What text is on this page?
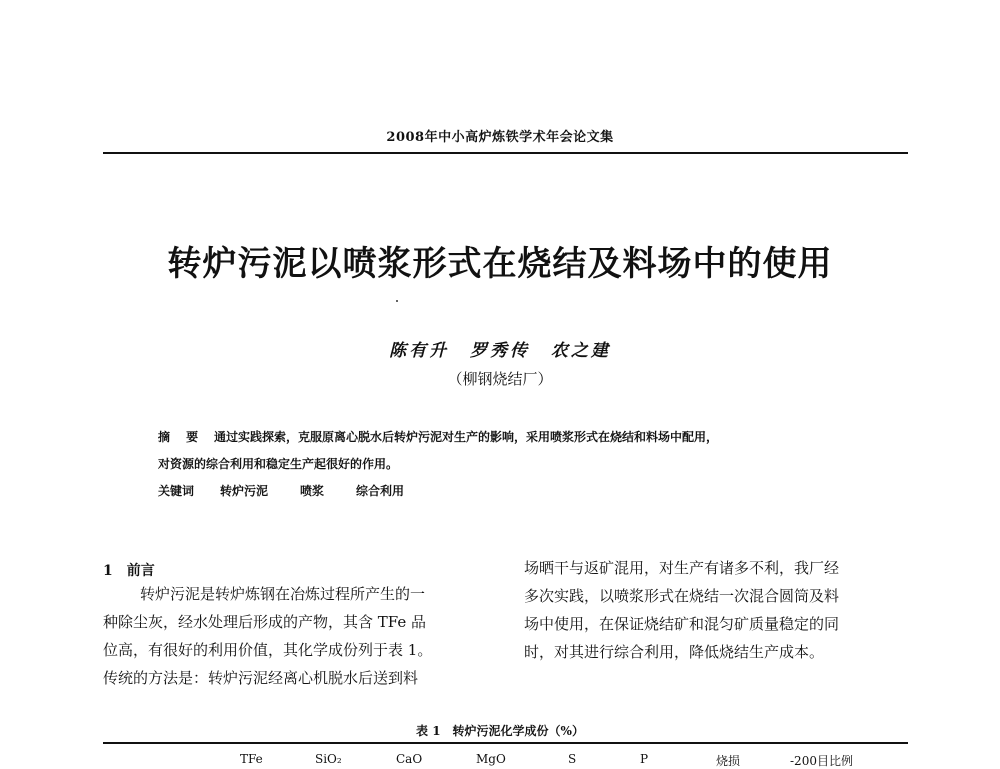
2008年中小高炉炼铁学术年会论文集
转炉污泥以喷浆形式在烧结及料场中的使用
陈有升 罗秀传 农之建
（柳钢烧结厂）
摘 要 通过实践探索，克服原离心脱水后转炉污泥对生产的影响，采用喷浆形式在烧结和料场中配用，
对资源的综合利用和稳定生产起很好的作用。
关键词 转炉污泥	喷浆	综合利用
1 前言
转炉污泥是转炉炼钢在冶炼过程所产生的一
种除尘灰，经水处理后形成的产物，其含 TFe 品
位高，有很好的利用价值，其化学成份列于表 1。
传统的方法是：转炉污泥经离心机脱水后送到料
场晒干与返矿混用，对生产有诸多不利，我厂经
多次实践，以喷浆形式在烧结一次混合圆筒及料
场中使用，在保证烧结矿和混匀矿质量稳定的同
时，对其进行综合利用，降低烧结生产成本。
表 1　转炉污泥化学成份（%）
TFe	SiO₂	CaO	MgO	S	P	烧损	-200目比例
